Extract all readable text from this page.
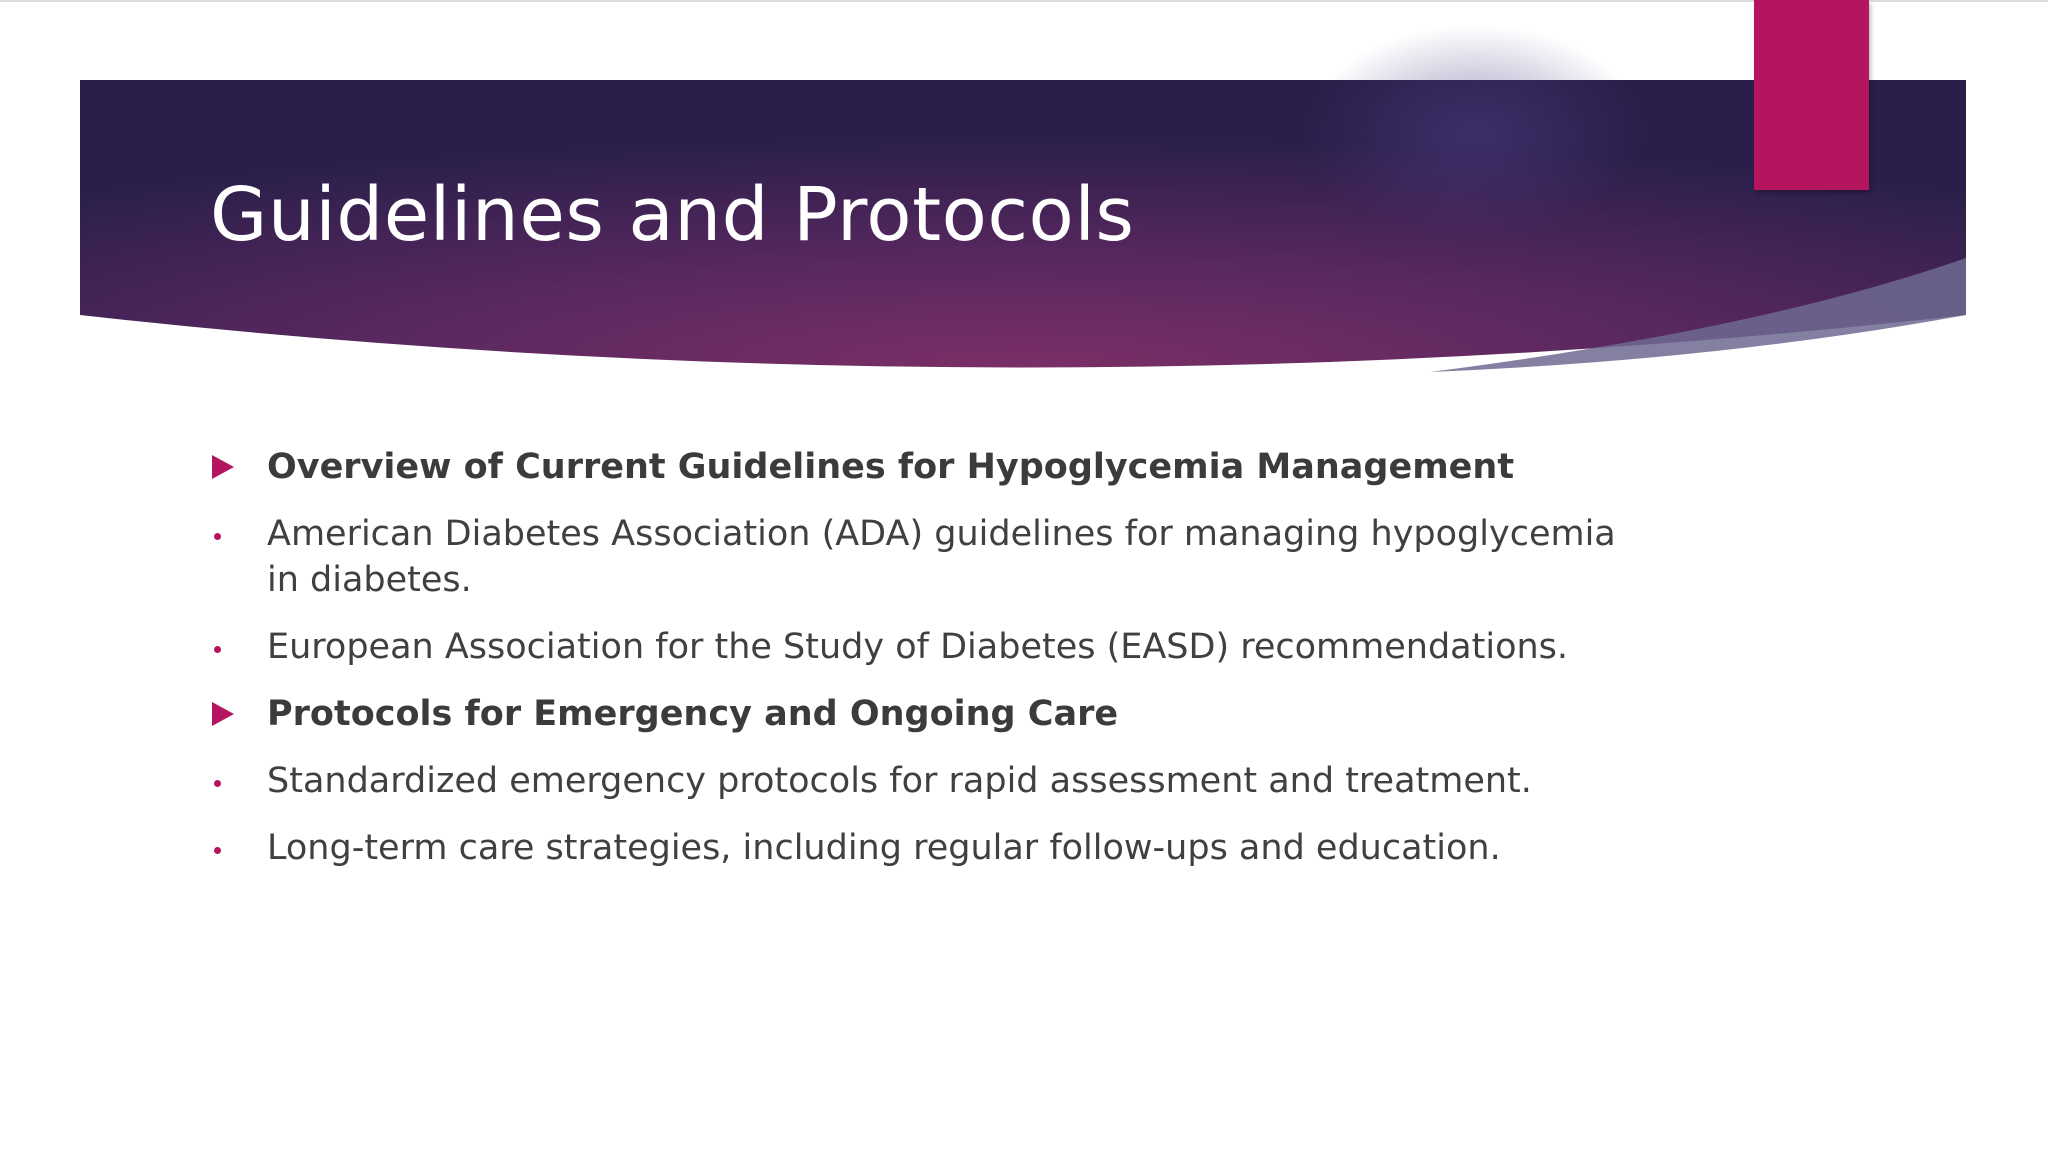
Guidelines and Protocols
Overview of Current Guidelines for Hypoglycemia Management
American Diabetes Association (ADA) guidelines for managing hypoglycemia in diabetes.
European Association for the Study of Diabetes (EASD) recommendations.
Protocols for Emergency and Ongoing Care
Standardized emergency protocols for rapid assessment and treatment.
Long-term care strategies, including regular follow-ups and education.
